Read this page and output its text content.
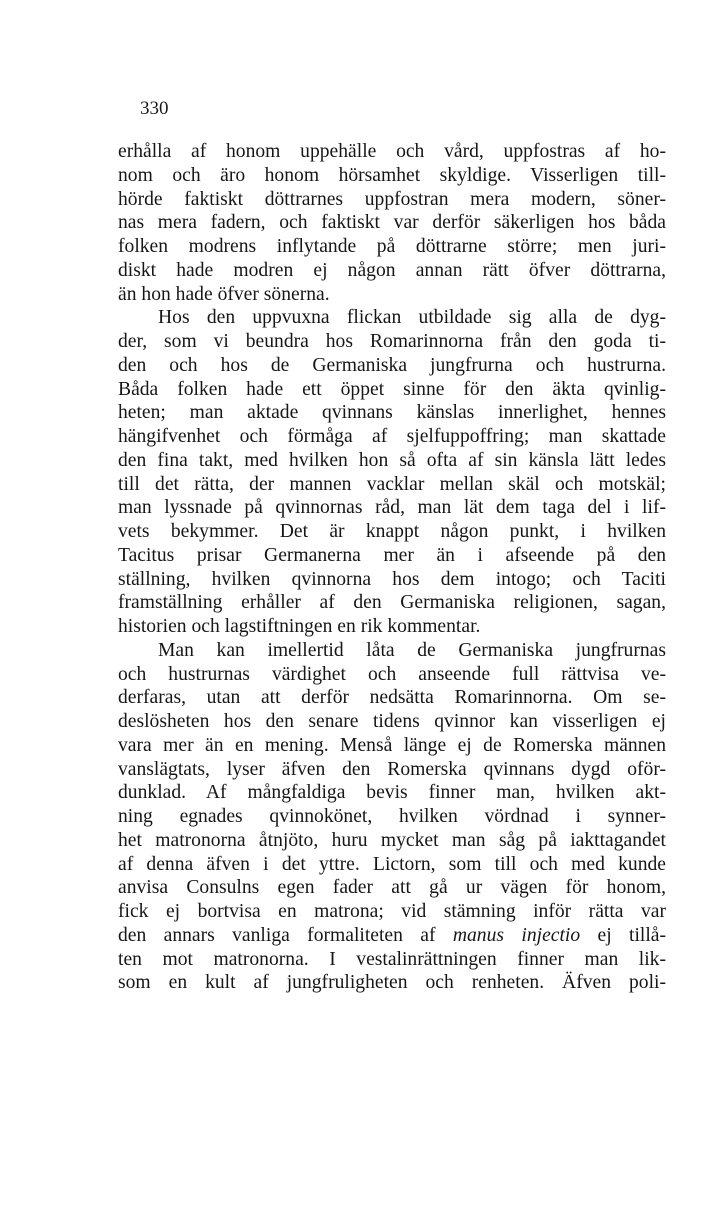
330
erhålla af honom uppehälle och vård, uppfostras af ho-
nom och äro honom hörsamhet skyldige. Visserligen till-
hörde faktiskt döttrarnes uppfostran mera modern, söner-
nas mera fadern, och faktiskt var derför säkerligen hos båda
folken modrens inflytande på döttrarne större; men juri-
diskt hade modren ej någon annan rätt öfver döttrarna,
än hon hade öfver sönerna.
Hos den uppvuxna flickan utbildade sig alla de dyg-
der, som vi beundra hos Romarinnorna från den goda ti-
den och hos de Germaniska jungfrurna och hustrurna.
Båda folken hade ett öppet sinne för den äkta qvinlig-
heten; man aktade qvinnans känslas innerlighet, hennes
hängifvenhet och förmåga af sjelfuppoffring; man skattade
den fina takt, med hvilken hon så ofta af sin känsla lätt ledes
till det rätta, der mannen vacklar mellan skäl och motskäl;
man lyssnade på qvinnornas råd, man lät dem taga del i lif-
vets bekymmer. Det är knappt någon punkt, i hvilken
Tacitus prisar Germanerna mer än i afseende på den
ställning, hvilken qvinnorna hos dem intogo; och Taciti
framställning erhåller af den Germaniska religionen, sagan,
historien och lagstiftningen en rik kommentar.
Man kan imellertid låta de Germaniska jungfrurnas
och hustrurnas värdighet och anseende full rättvisa ve-
derfaras, utan att derför nedsätta Romarinnorna. Om se-
deslösheten hos den senare tidens qvinnor kan visserligen ej
vara mer än en mening. Menså länge ej de Romerska männen
vanslägtats, lyser äfven den Romerska qvinnans dygd oför-
dunklad. Af mångfaldiga bevis finner man, hvilken akt-
ning egnades qvinnokönet, hvilken vördnad i synner-
het matronorna åtnjöto, huru mycket man såg på iakttagandet
af denna äfven i det yttre. Lictorn, som till och med kunde
anvisa Consulns egen fader att gå ur vägen för honom,
fick ej bortvisa en matrona; vid stämning inför rätta var
den annars vanliga formaliteten af manus injectio ej tillå-
ten mot matronorna. I vestalinrättningen finner man lik-
som en kult af jungfruligheten och renheten. Äfven poli-
